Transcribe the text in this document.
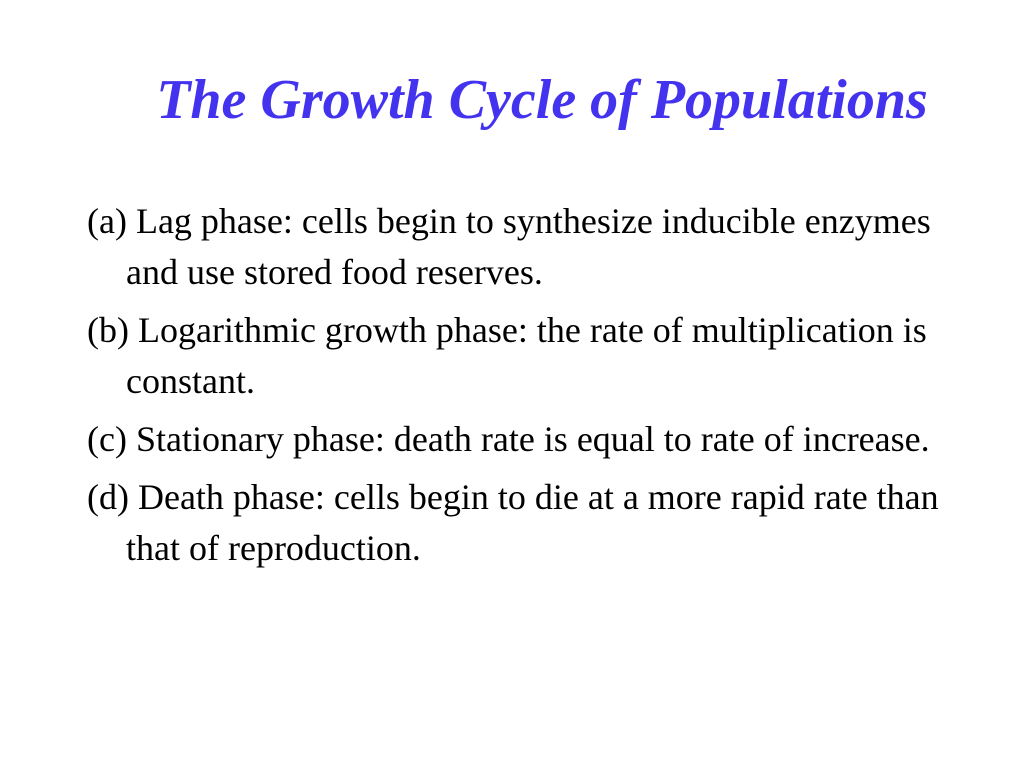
The Growth Cycle of Populations
(a) Lag phase: cells begin to synthesize inducible enzymes and use stored food reserves.
(b) Logarithmic growth phase: the rate of multiplication is constant.
(c) Stationary phase: death rate is equal to rate of increase.
(d) Death phase: cells begin to die at a more rapid rate than that of reproduction.
